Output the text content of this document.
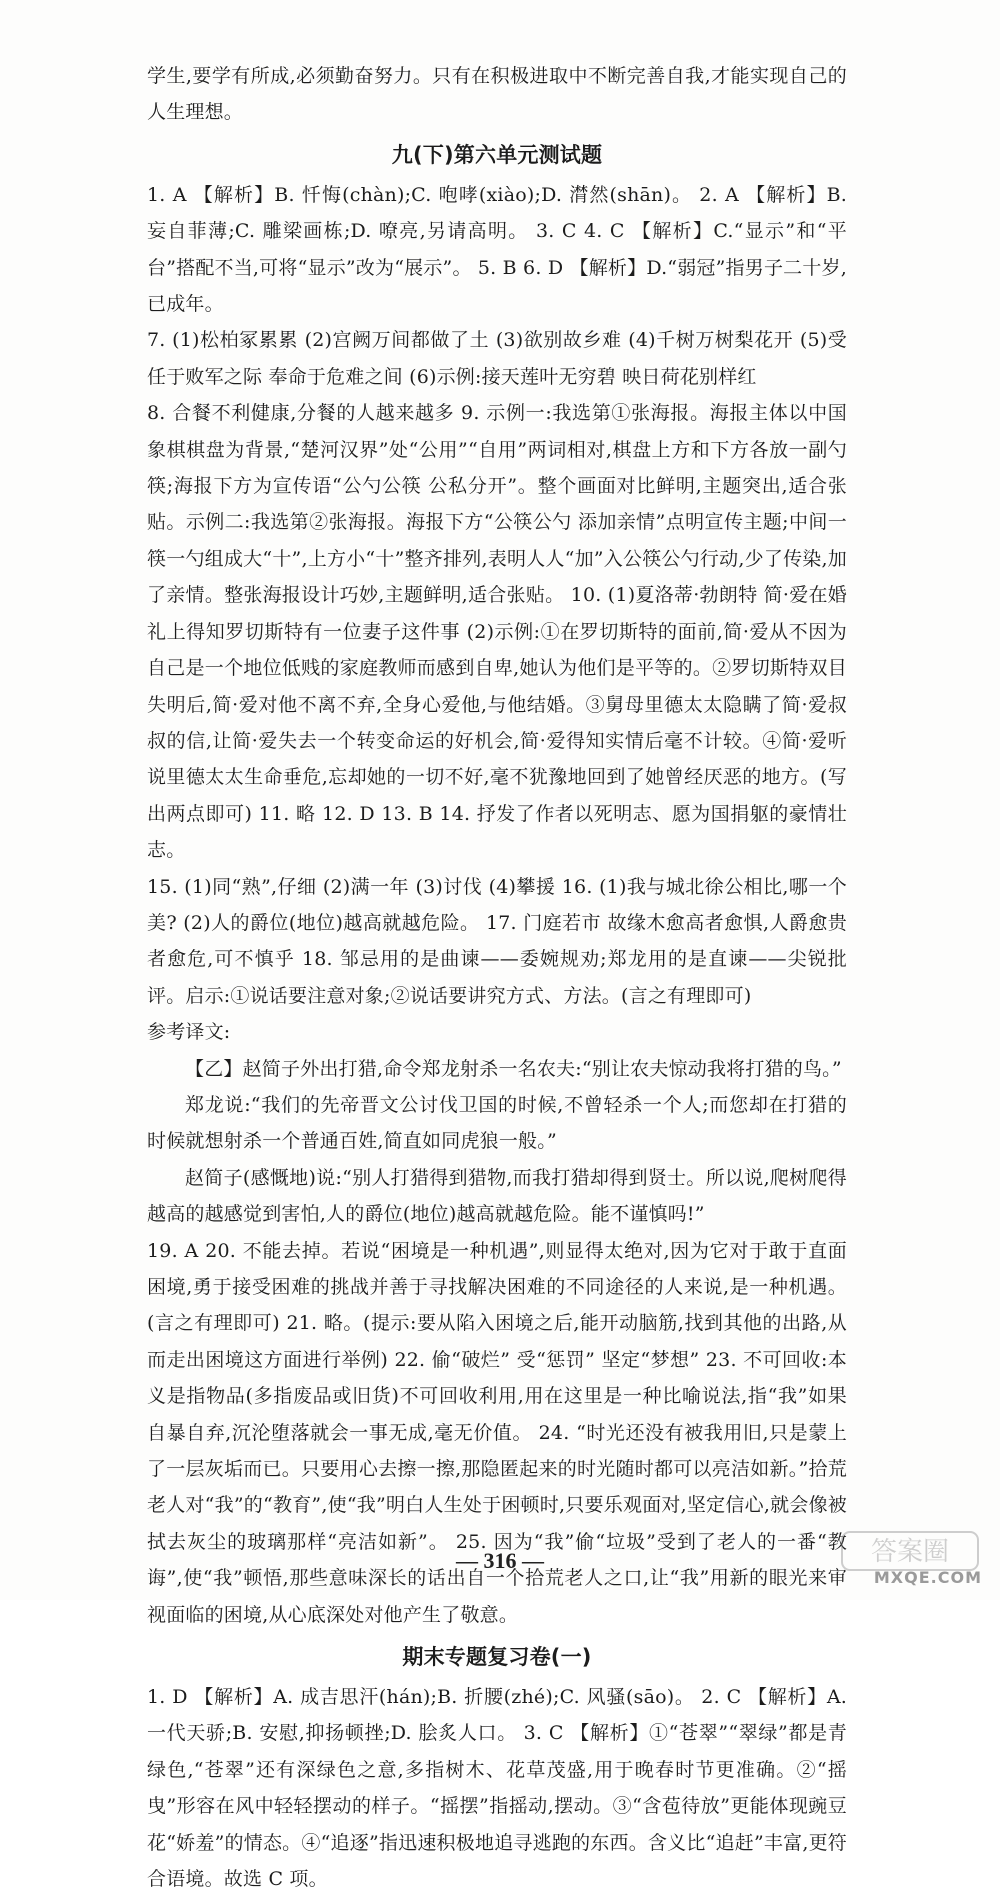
学生,要学有所成,必须勤奋努力。只有在积极进取中不断完善自我,才能实现自己的人生理想。

九(下)第六单元测试题

1. A 【解析】B. 忏悔(chàn);C. 咆哮(xiào);D. 潸然(shān)。 2. A 【解析】B. 妄自菲薄;C. 雕梁画栋;D. 嘹亮,另请高明。 3. C 4. C 【解析】C.“显示”和“平台”搭配不当,可将“显示”改为“展示”。 5. B 6. D 【解析】D.“弱冠”指男子二十岁,已成年。

7. (1)松柏冢累累 (2)宫阙万间都做了土 (3)欲别故乡难 (4)千树万树梨花开 (5)受任于败军之际 奉命于危难之间 (6)示例:接天莲叶无穷碧 映日荷花别样红

8. 合餐不利健康,分餐的人越来越多 9. 示例一:我选第①张海报。海报主体以中国象棋棋盘为背景,“楚河汉界”处“公用”“自用”两词相对,棋盘上方和下方各放一副勺筷;海报下方为宣传语“公勺公筷 公私分开”。整个画面对比鲜明,主题突出,适合张贴。示例二:我选第②张海报。海报下方“公筷公勺 添加亲情”点明宣传主题;中间一筷一勺组成大“十”,上方小“十”整齐排列,表明人人“加”入公筷公勺行动,少了传染,加了亲情。整张海报设计巧妙,主题鲜明,适合张贴。 10. (1)夏洛蒂·勃朗特 简·爱在婚礼上得知罗切斯特有一位妻子这件事 (2)示例:①在罗切斯特的面前,简·爱从不因为自己是一个地位低贱的家庭教师而感到自卑,她认为他们是平等的。②罗切斯特双目失明后,简·爱对他不离不弃,全身心爱他,与他结婚。③舅母里德太太隐瞒了简·爱叔叔的信,让简·爱失去一个转变命运的好机会,简·爱得知实情后毫不计较。④简·爱听说里德太太生命垂危,忘却她的一切不好,毫不犹豫地回到了她曾经厌恶的地方。(写出两点即可) 11. 略 12. D 13. B 14. 抒发了作者以死明志、愿为国捐躯的豪情壮志。

15. (1)同“熟”,仔细 (2)满一年 (3)讨伐 (4)攀援 16. (1)我与城北徐公相比,哪一个美? (2)人的爵位(地位)越高就越危险。 17. 门庭若市 故缘木愈高者愈惧,人爵愈贵者愈危,可不慎乎 18. 邹忌用的是曲谏——委婉规劝;郑龙用的是直谏——尖锐批评。启示:①说话要注意对象;②说话要讲究方式、方法。(言之有理即可)

参考译文:

【乙】赵简子外出打猎,命令郑龙射杀一名农夫:“别让农夫惊动我将打猎的鸟。”

郑龙说:“我们的先帝晋文公讨伐卫国的时候,不曾轻杀一个人;而您却在打猎的时候就想射杀一个普通百姓,简直如同虎狼一般。”

赵简子(感慨地)说:“别人打猎得到猎物,而我打猎却得到贤士。所以说,爬树爬得越高的越感觉到害怕,人的爵位(地位)越高就越危险。能不谨慎吗!”

19. A 20. 不能去掉。若说“困境是一种机遇”,则显得太绝对,因为它对于敢于直面困境,勇于接受困难的挑战并善于寻找解决困难的不同途径的人来说,是一种机遇。(言之有理即可) 21. 略。(提示:要从陷入困境之后,能开动脑筋,找到其他的出路,从而走出困境这方面进行举例) 22. 偷“破烂” 受“惩罚” 坚定“梦想” 23. 不可回收:本义是指物品(多指废品或旧货)不可回收利用,用在这里是一种比喻说法,指“我”如果自暴自弃,沉沦堕落就会一事无成,毫无价值。 24. “时光还没有被我用旧,只是蒙上了一层灰垢而已。只要用心去擦一擦,那隐匿起来的时光随时都可以亮洁如新。”拾荒老人对“我”的“教育”,使“我”明白人生处于困顿时,只要乐观面对,坚定信心,就会像被拭去灰尘的玻璃那样“亮洁如新”。 25. 因为“我”偷“垃圾”受到了老人的一番“教诲”,使“我”顿悟,那些意味深长的话出自一个拾荒老人之口,让“我”用新的眼光来审视面临的困境,从心底深处对他产生了敬意。

期末专题复习卷(一)

1. D 【解析】A. 成吉思汗(hán);B. 折腰(zhé);C. 风骚(sāo)。 2. C 【解析】A. 一代天骄;B. 安慰,抑扬顿挫;D. 脍炙人口。 3. C 【解析】①“苍翠”“翠绿”都是青绿色,“苍翠”还有深绿色之意,多指树木、花草茂盛,用于晚春时节更准确。②“摇曳”形容在风中轻轻摆动的样子。“摇摆”指摇动,摆动。③“含苞待放”更能体现豌豆花“娇羞”的情态。④“追逐”指迅速积极地追寻逃跑的东西。含义比“追赶”丰富,更符合语境。故选 C 项。

— 316 —	答案圈
MXQE.COM
